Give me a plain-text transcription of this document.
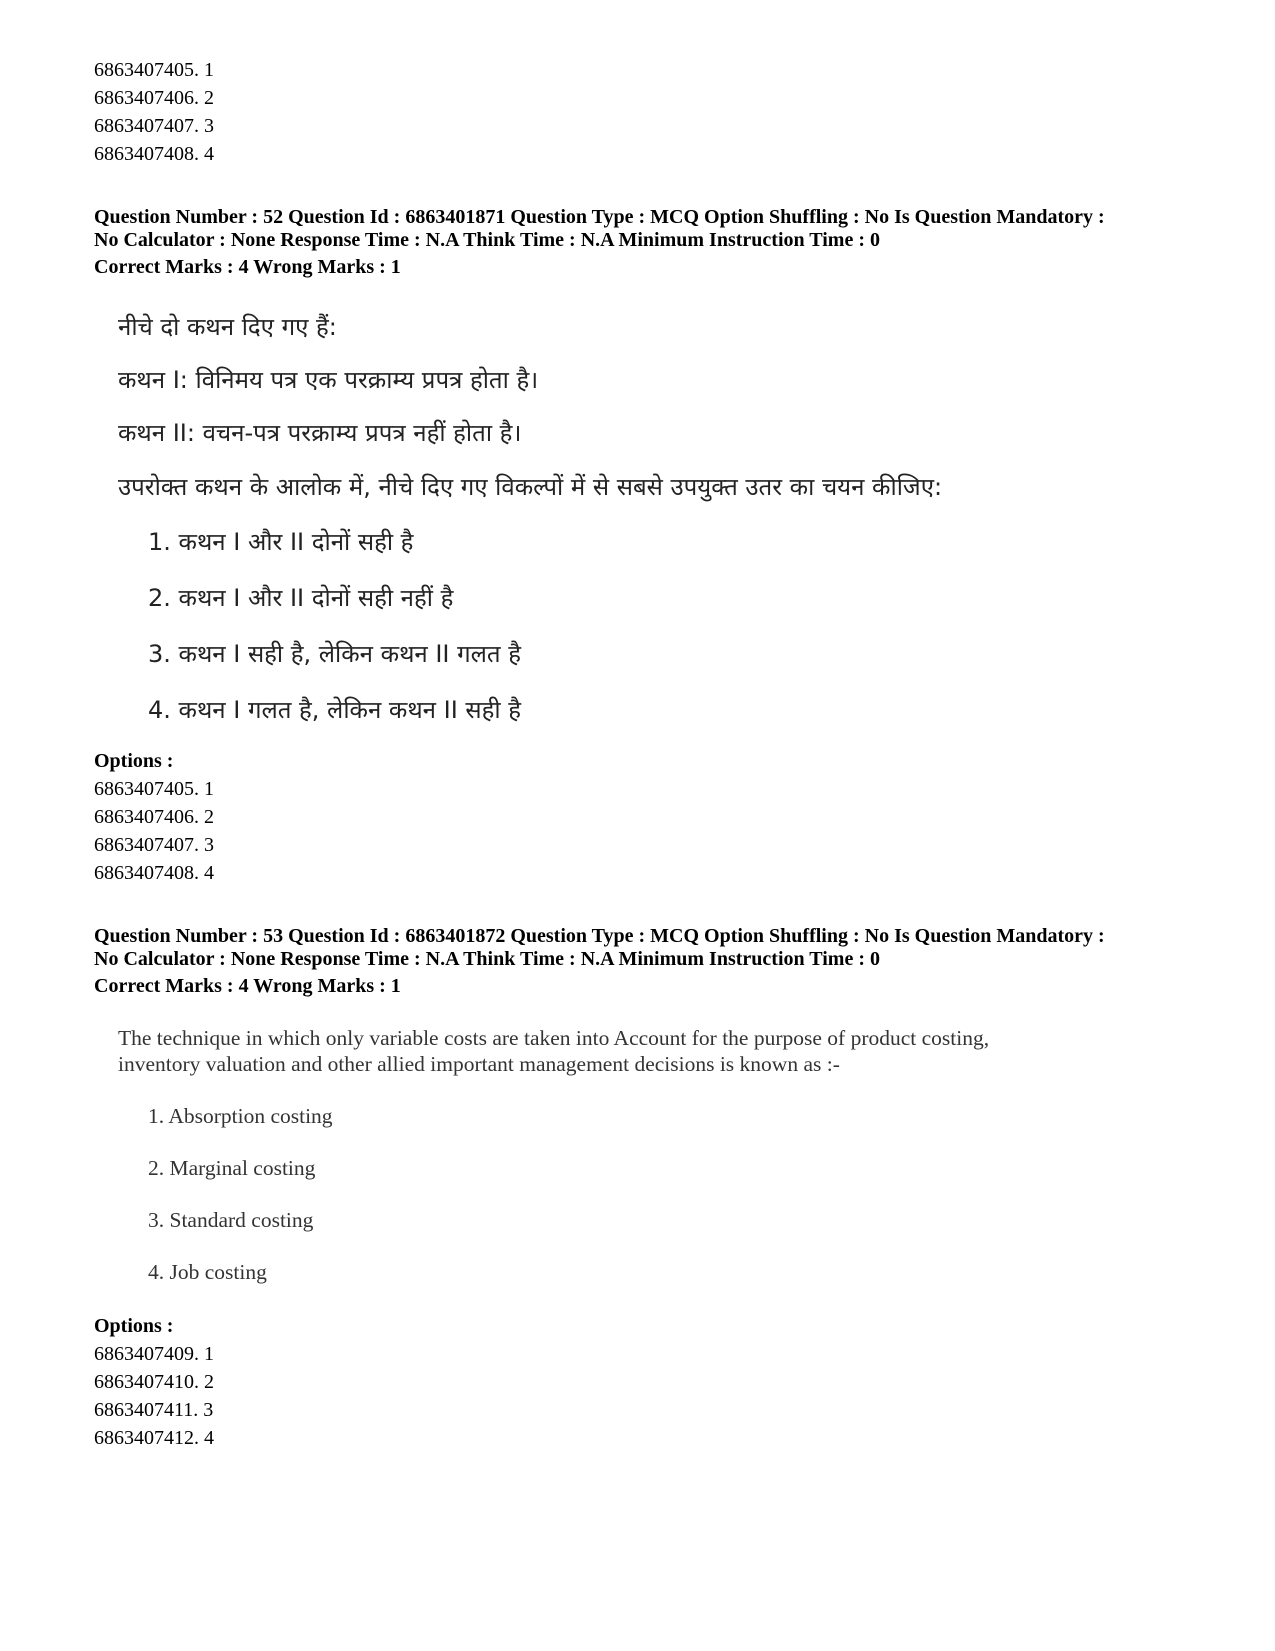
6863407405. 1
6863407406. 2
6863407407. 3
6863407408. 4
Question Number : 52 Question Id : 6863401871 Question Type : MCQ Option Shuffling : No Is Question Mandatory :
No Calculator : None Response Time : N.A Think Time : N.A Minimum Instruction Time : 0
Correct Marks : 4 Wrong Marks : 1
नीचे दो कथन दिए गए हैं:
कथन I: विनिमय पत्र एक परक्राम्य प्रपत्र होता है।
कथन II: वचन-पत्र परक्राम्य प्रपत्र नहीं होता है।
उपरोक्त कथन के आलोक में, नीचे दिए गए विकल्पों में से सबसे उपयुक्त उतर का चयन कीजिए:
1. कथन I और II दोनों सही है
2. कथन I और II दोनों सही नहीं है
3. कथन I सही है, लेकिन कथन II गलत है
4. कथन I गलत है, लेकिन कथन II सही है
Options :
6863407405. 1
6863407406. 2
6863407407. 3
6863407408. 4
Question Number : 53 Question Id : 6863401872 Question Type : MCQ Option Shuffling : No Is Question Mandatory :
No Calculator : None Response Time : N.A Think Time : N.A Minimum Instruction Time : 0
Correct Marks : 4 Wrong Marks : 1
The technique in which only variable costs are taken into Account for the purpose of product costing,
inventory valuation and other allied important management decisions is known as :-
1. Absorption costing
2. Marginal costing
3. Standard costing
4. Job costing
Options :
6863407409. 1
6863407410. 2
6863407411. 3
6863407412. 4
